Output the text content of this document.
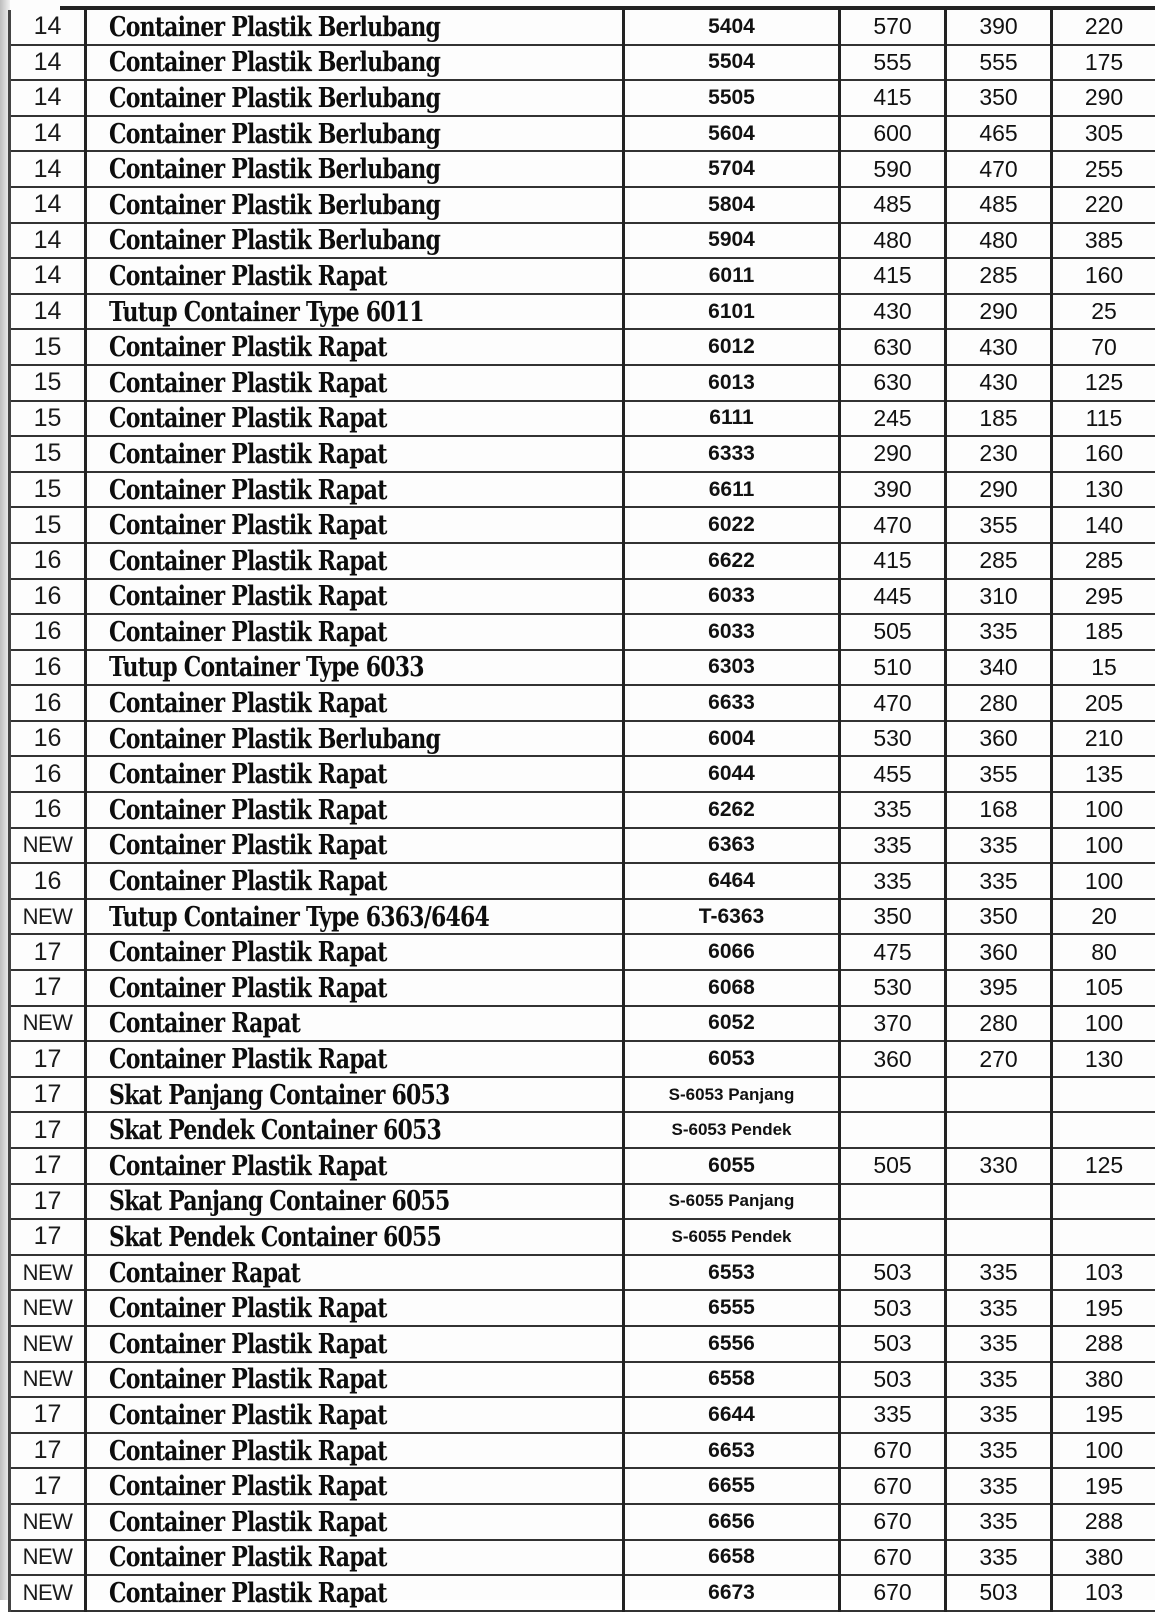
14	Container Plastik Berlubang	5404	570	390	220
14	Container Plastik Berlubang	5504	555	555	175
14	Container Plastik Berlubang	5505	415	350	290
14	Container Plastik Berlubang	5604	600	465	305
14	Container Plastik Berlubang	5704	590	470	255
14	Container Plastik Berlubang	5804	485	485	220
14	Container Plastik Berlubang	5904	480	480	385
14	Container Plastik Rapat	6011	415	285	160
14	Tutup Container Type 6011	6101	430	290	25
15	Container Plastik Rapat	6012	630	430	70
15	Container Plastik Rapat	6013	630	430	125
15	Container Plastik Rapat	6111	245	185	115
15	Container Plastik Rapat	6333	290	230	160
15	Container Plastik Rapat	6611	390	290	130
15	Container Plastik Rapat	6022	470	355	140
16	Container Plastik Rapat	6622	415	285	285
16	Container Plastik Rapat	6033	445	310	295
16	Container Plastik Rapat	6033	505	335	185
16	Tutup Container Type 6033	6303	510	340	15
16	Container Plastik Rapat	6633	470	280	205
16	Container Plastik Berlubang	6004	530	360	210
16	Container Plastik Rapat	6044	455	355	135
16	Container Plastik Rapat	6262	335	168	100
NEW	Container Plastik Rapat	6363	335	335	100
16	Container Plastik Rapat	6464	335	335	100
NEW	Tutup Container Type 6363/6464	T-6363	350	350	20
17	Container Plastik Rapat	6066	475	360	80
17	Container Plastik Rapat	6068	530	395	105
NEW	Container Rapat	6052	370	280	100
17	Container Plastik Rapat	6053	360	270	130
17	Skat Panjang Container 6053	S-6053 Panjang			
17	Skat Pendek Container 6053	S-6053 Pendek			
17	Container Plastik Rapat	6055	505	330	125
17	Skat Panjang Container 6055	S-6055 Panjang			
17	Skat Pendek Container 6055	S-6055 Pendek			
NEW	Container Rapat	6553	503	335	103
NEW	Container Plastik Rapat	6555	503	335	195
NEW	Container Plastik Rapat	6556	503	335	288
NEW	Container Plastik Rapat	6558	503	335	380
17	Container Plastik Rapat	6644	335	335	195
17	Container Plastik Rapat	6653	670	335	100
17	Container Plastik Rapat	6655	670	335	195
NEW	Container Plastik Rapat	6656	670	335	288
NEW	Container Plastik Rapat	6658	670	335	380
NEW	Container Plastik Rapat	6673	670	503	103
